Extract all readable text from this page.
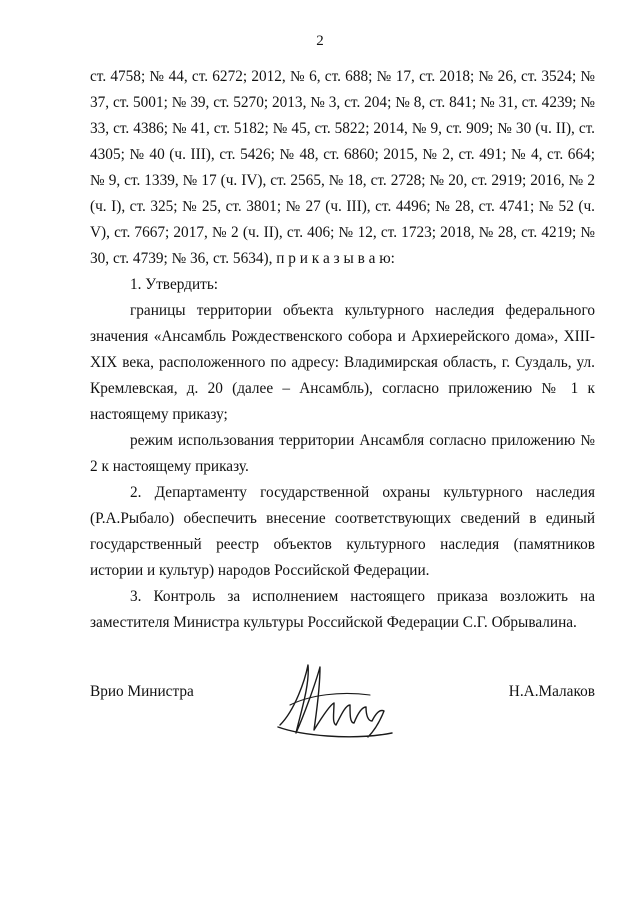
2

ст. 4758; № 44, ст. 6272; 2012, № 6, ст. 688; № 17, ст. 2018; № 26, ст. 3524; № 37, ст. 5001; № 39, ст. 5270; 2013, № 3, ст. 204; № 8, ст. 841; № 31, ст. 4239; № 33, ст. 4386; № 41, ст. 5182; № 45, ст. 5822; 2014, № 9, ст. 909; № 30 (ч. II), ст. 4305; № 40 (ч. III), ст. 5426; № 48, ст. 6860; 2015, № 2, ст. 491; № 4, ст. 664; № 9, ст. 1339, № 17 (ч. IV), ст. 2565, № 18, ст. 2728; № 20, ст. 2919; 2016, № 2 (ч. I), ст. 325; № 25, ст. 3801; № 27 (ч. III), ст. 4496; № 28, ст. 4741; № 52 (ч. V), ст. 7667; 2017, № 2 (ч. II), ст. 406; № 12, ст. 1723; 2018, № 28, ст. 4219; № 30, ст. 4739; № 36, ст. 5634), п р и к а з ы в а ю:

1. Утвердить:

границы территории объекта культурного наследия федерального значения «Ансамбль Рождественского собора и Архиерейского дома», XIII-XIX века, расположенного по адресу: Владимирская область, г. Суздаль, ул. Кремлевская, д. 20 (далее – Ансамбль), согласно приложению № 1 к настоящему приказу;

режим использования территории Ансамбля согласно приложению № 2 к настоящему приказу.

2. Департаменту государственной охраны культурного наследия (Р.А.Рыбало) обеспечить внесение соответствующих сведений в единый государственный реестр объектов культурного наследия (памятников истории и культур) народов Российской Федерации.

3. Контроль за исполнением настоящего приказа возложить на заместителя Министра культуры Российской Федерации С.Г. Обрывалина.

Врио Министра	Н.А.Малаков
